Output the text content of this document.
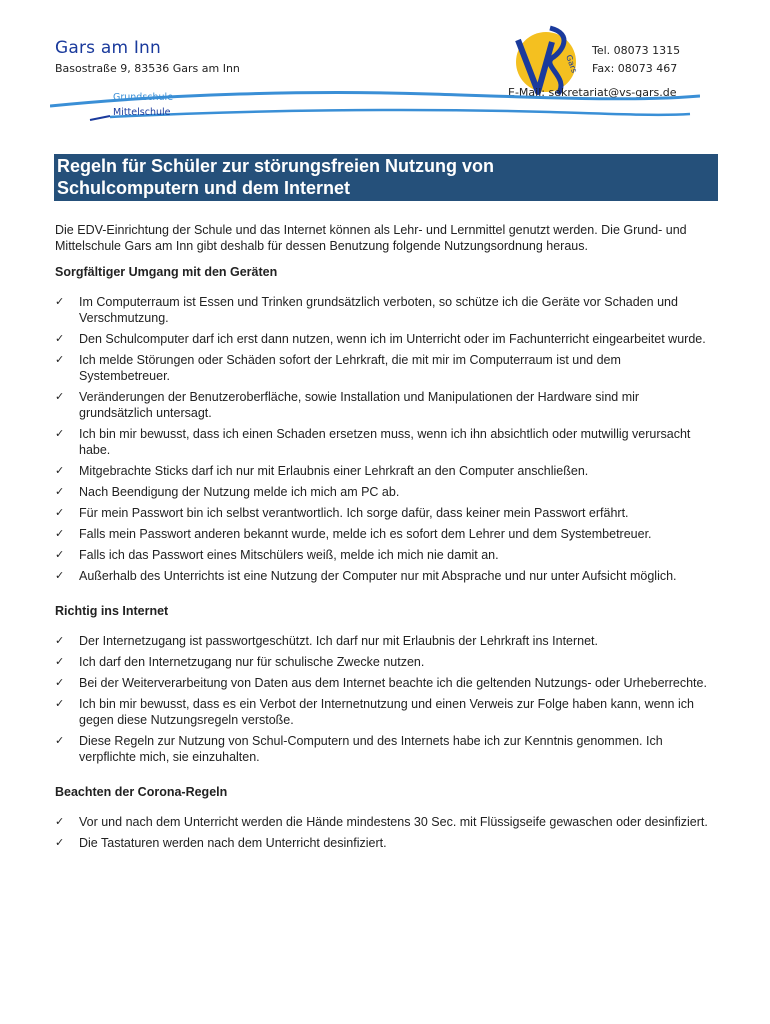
Gars am Inn
Basostraße 9, 83536 Gars am Inn	Gars
Tel. 08073 1315
Fax: 08073 467
E-Mail: sekretariat@vs-gars.de
Grundschule
Mittelschule
Regeln für Schüler zur störungsfreien Nutzung von
Schulcomputern und dem Internet

Die EDV-Einrichtung der Schule und das Internet können als Lehr- und Lernmittel genutzt werden. Die Grund- und Mittelschule Gars am Inn gibt deshalb für dessen Benutzung folgende Nutzungsordnung heraus.

Sorgfältiger Umgang mit den Geräten
✓ Im Computerraum ist Essen und Trinken grundsätzlich verboten, so schütze ich die Geräte vor Schaden und Verschmutzung.
✓ Den Schulcomputer darf ich erst dann nutzen, wenn ich im Unterricht oder im Fachunterricht eingearbeitet wurde.
✓ Ich melde Störungen oder Schäden sofort der Lehrkraft, die mit mir im Computerraum ist und dem Systembetreuer.
✓ Veränderungen der Benutzeroberfläche, sowie Installation und Manipulationen der Hardware sind mir grundsätzlich untersagt.
✓ Ich bin mir bewusst, dass ich einen Schaden ersetzen muss, wenn ich ihn absichtlich oder mutwillig verursacht habe.
✓ Mitgebrachte Sticks darf ich nur mit Erlaubnis einer Lehrkraft an den Computer anschließen.
✓ Nach Beendigung der Nutzung melde ich mich am PC ab.
✓ Für mein Passwort bin ich selbst verantwortlich. Ich sorge dafür, dass keiner mein Passwort erfährt.
✓ Falls mein Passwort anderen bekannt wurde, melde ich es sofort dem Lehrer und dem Systembetreuer.
✓ Falls ich das Passwort eines Mitschülers weiß, melde ich mich nie damit an.
✓ Außerhalb des Unterrichts ist eine Nutzung der Computer nur mit Absprache und nur unter Aufsicht möglich.
Richtig ins Internet
✓ Der Internetzugang ist passwortgeschützt. Ich darf nur mit Erlaubnis der Lehrkraft ins Internet.
✓ Ich darf den Internetzugang nur für schulische Zwecke nutzen.
✓ Bei der Weiterverarbeitung von Daten aus dem Internet beachte ich die geltenden Nutzungs- oder Urheberrechte.
✓ Ich bin mir bewusst, dass es ein Verbot der Internetnutzung und einen Verweis zur Folge haben kann, wenn ich gegen diese Nutzungsregeln verstoße.
✓ Diese Regeln zur Nutzung von Schul-Computern und des Internets habe ich zur Kenntnis genommen. Ich verpflichte mich, sie einzuhalten.
Beachten der Corona-Regeln
✓ Vor und nach dem Unterricht werden die Hände mindestens 30 Sec. mit Flüssigseife gewaschen oder desinfiziert.
✓ Die Tastaturen werden nach dem Unterricht desinfiziert.
